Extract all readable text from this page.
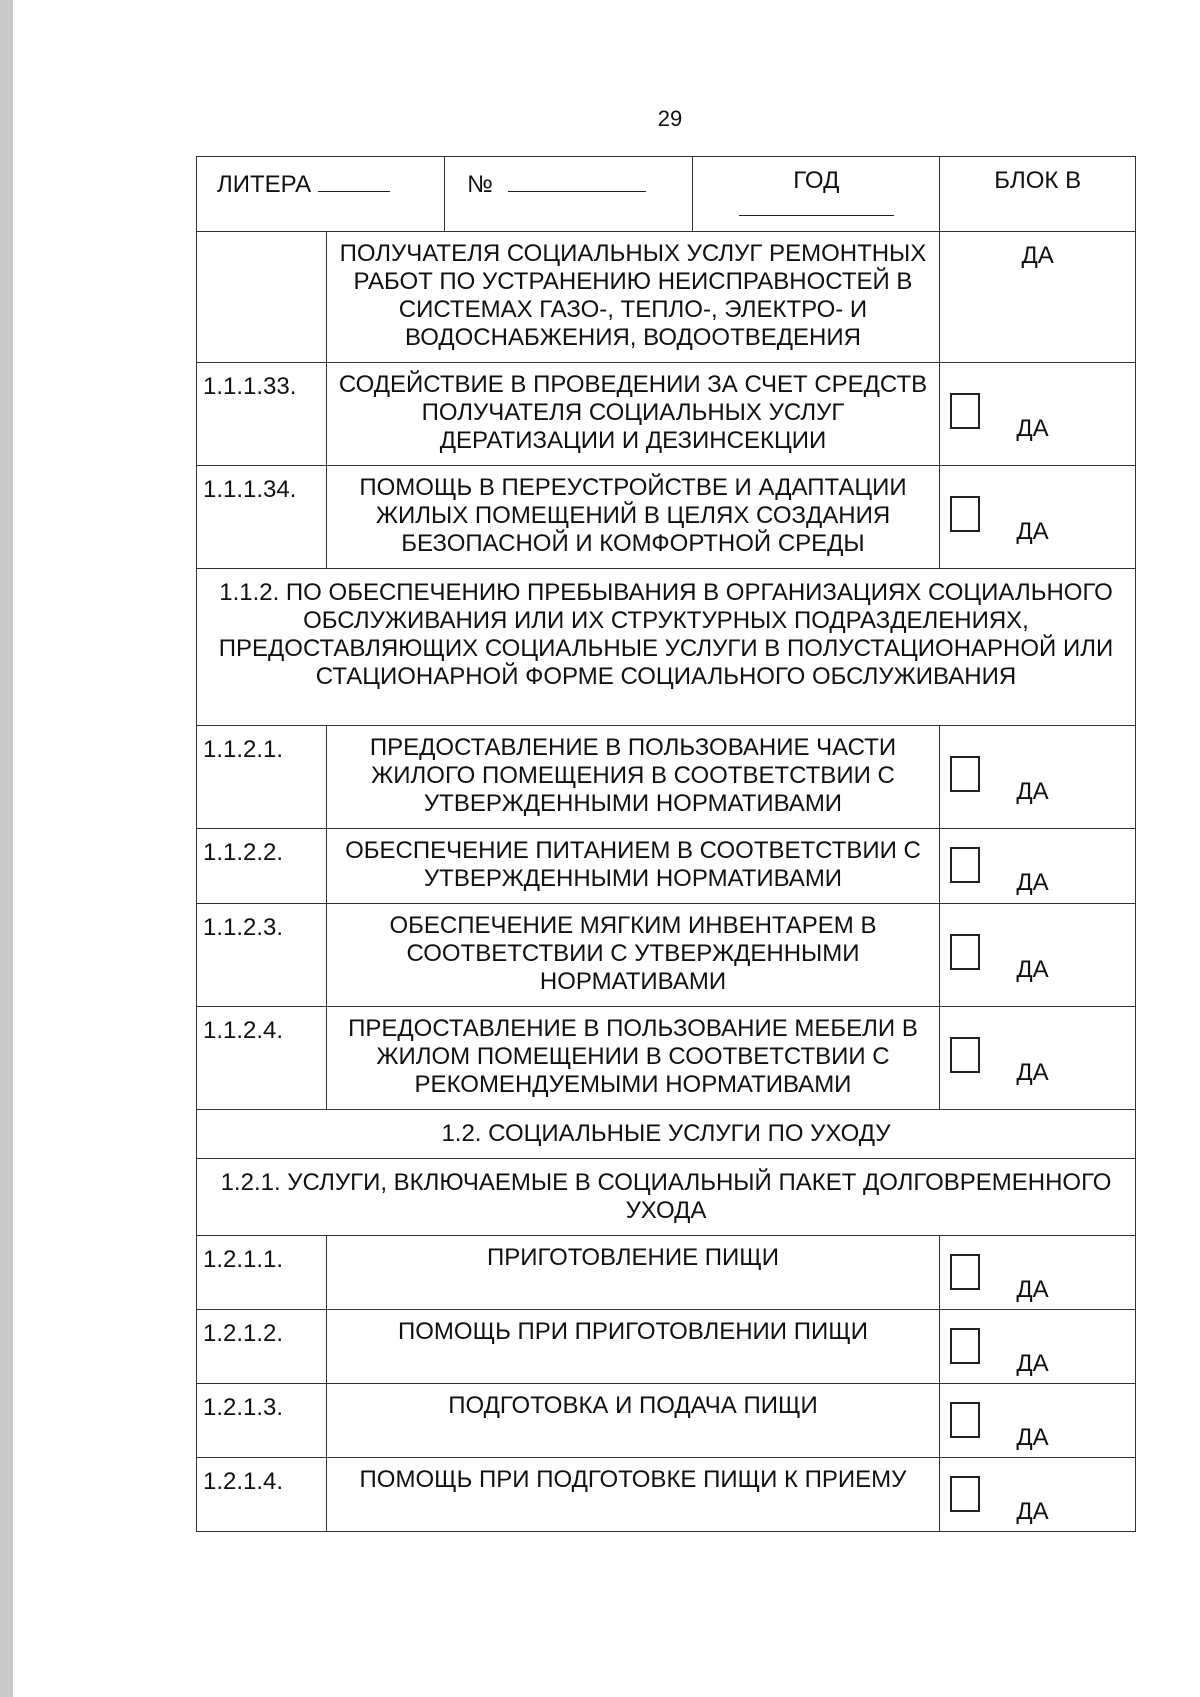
29
ЛИТЕРА		№	ГОД	БЛОК В

	ПОЛУЧАТЕЛЯ СОЦИАЛЬНЫХ УСЛУГ РЕМОНТНЫХ РАБОТ ПО УСТРАНЕНИЮ НЕИСПРАВНОСТЕЙ В СИСТЕМАХ ГАЗО-, ТЕПЛО-, ЭЛЕКТРО- И ВОДОСНАБЖЕНИЯ, ВОДООТВЕДЕНИЯ			ДА

1.1.1.33.	СОДЕЙСТВИЕ В ПРОВЕДЕНИИ ЗА СЧЕТ СРЕДСТВ ПОЛУЧАТЕЛЯ СОЦИАЛЬНЫХ УСЛУГ ДЕРАТИЗАЦИИ И ДЕЗИНСЕКЦИИ			ДА

1.1.1.34.	ПОМОЩЬ В ПЕРЕУСТРОЙСТВЕ И АДАПТАЦИИ ЖИЛЫХ ПОМЕЩЕНИЙ В ЦЕЛЯХ СОЗДАНИЯ БЕЗОПАСНОЙ И КОМФОРТНОЙ СРЕДЫ			ДА

1.1.2. ПО ОБЕСПЕЧЕНИЮ ПРЕБЫВАНИЯ В ОРГАНИЗАЦИЯХ СОЦИАЛЬНОГО ОБСЛУЖИВАНИЯ ИЛИ ИХ СТРУКТУРНЫХ ПОДРАЗДЕЛЕНИЯХ, ПРЕДОСТАВЛЯЮЩИХ СОЦИАЛЬНЫЕ УСЛУГИ В ПОЛУСТАЦИОНАРНОЙ ИЛИ СТАЦИОНАРНОЙ ФОРМЕ СОЦИАЛЬНОГО ОБСЛУЖИВАНИЯ				
1.1.2.1.	ПРЕДОСТАВЛЕНИЕ В ПОЛЬЗОВАНИЕ ЧАСТИ ЖИЛОГО ПОМЕЩЕНИЯ В СООТВЕТСТВИИ С УТВЕРЖДЕННЫМИ НОРМАТИВАМИ			ДА

1.1.2.2.	ОБЕСПЕЧЕНИЕ ПИТАНИЕМ В СООТВЕТСТВИИ С УТВЕРЖДЕННЫМИ НОРМАТИВАМИ			ДА

1.1.2.3.	ОБЕСПЕЧЕНИЕ МЯГКИМ ИНВЕНТАРЕМ В СООТВЕТСТВИИ С УТВЕРЖДЕННЫМИ НОРМАТИВАМИ			ДА

1.1.2.4.	ПРЕДОСТАВЛЕНИЕ В ПОЛЬЗОВАНИЕ МЕБЕЛИ В ЖИЛОМ ПОМЕЩЕНИИ В СООТВЕТСТВИИ С РЕКОМЕНДУЕМЫМИ НОРМАТИВАМИ			ДА

1.2. СОЦИАЛЬНЫЕ УСЛУГИ ПО УХОДУ				
1.2.1. УСЛУГИ, ВКЛЮЧАЕМЫЕ В СОЦИАЛЬНЫЙ ПАКЕТ ДОЛГОВРЕМЕННОГО УХОДА				
1.2.1.1.	ПРИГОТОВЛЕНИЕ ПИЩИ			ДА

1.2.1.2.	ПОМОЩЬ ПРИ ПРИГОТОВЛЕНИИ ПИЩИ			ДА

1.2.1.3.	ПОДГОТОВКА И ПОДАЧА ПИЩИ			ДА

1.2.1.4.	ПОМОЩЬ ПРИ ПОДГОТОВКЕ ПИЩИ К ПРИЕМУ			ДА
